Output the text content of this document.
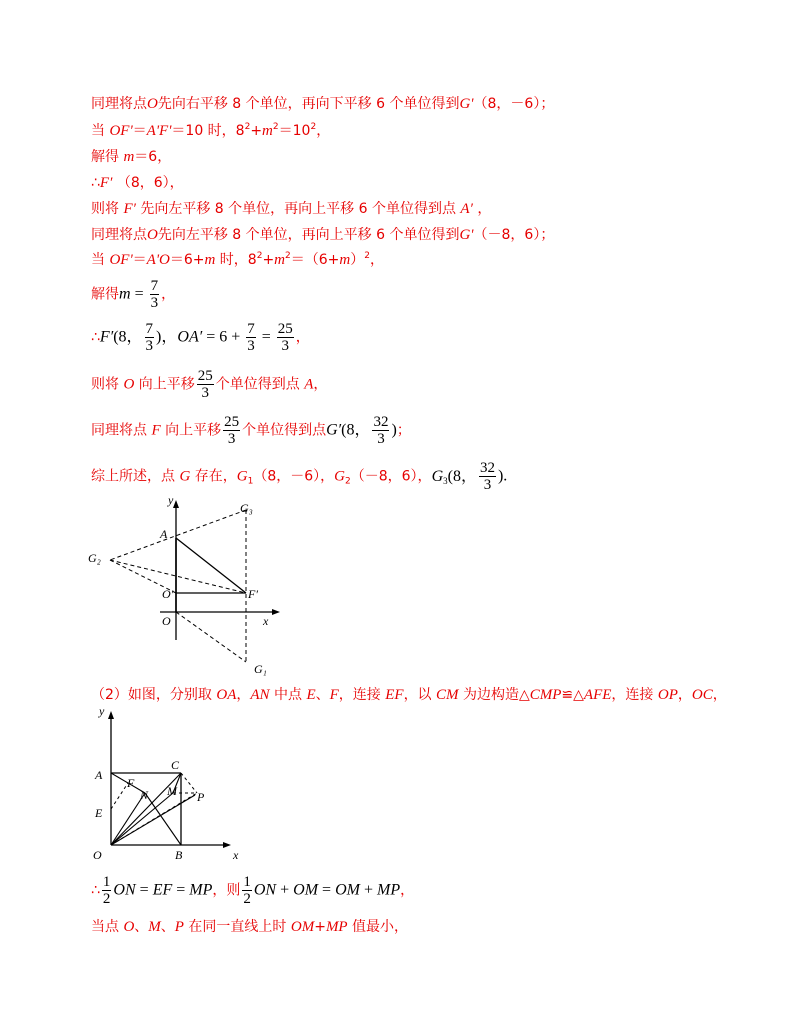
同理将点O先向右平移 8 个单位，再向下平移 6 个单位得到G'（8，－6）；
当 OF'＝A'F'＝10 时，$8^2+m^2=10^2$，
解得 m＝6，
∴F′ （8，6），
则将 F′ 先向左平移 8 个单位，再向上平移 6 个单位得到点 A′ ，
同理将点O先向左平移 8 个单位，再向上平移 6 个单位得到G'（－8，6）；
当 OF'＝A'O＝6+m 时，$8^2+m^2=(6+m)^2$，
解得$m = \frac{7}{3}$ ，
∴F′(8， $\frac{7}{3}$ )，$OA' = 6 + \frac{7}{3} = \frac{25}{3}$ ，
则将 O 向上平移 $\frac{25}{3}$ 个单位得到点 A，
同理将点 F 向上平移 $\frac{25}{3}$ 个单位得到点G′(8， $\frac{32}{3}$ )；
综上所述，点 G 存在，$G_1(8$，－6），$G_2(-8$，6），$G_3(8$， $\frac{32}{3}$ ).
y
G₃
A
G₂
O′	F′
O	x
G₁
（2）如图，分别取 OA，AN 中点 E、F，连接 EF，以 CM 为边构造△CMP≌△AFE，连接 OP，OC，
y
C
A
F
N M P
E
O	B	x
∴ $\frac{1}{2}$ ON = EF = MP，则 $\frac{1}{2}$ ON + OM = OM + MP，
当点 O、M、P 在同一直线上时 OM+MP 值最小，
